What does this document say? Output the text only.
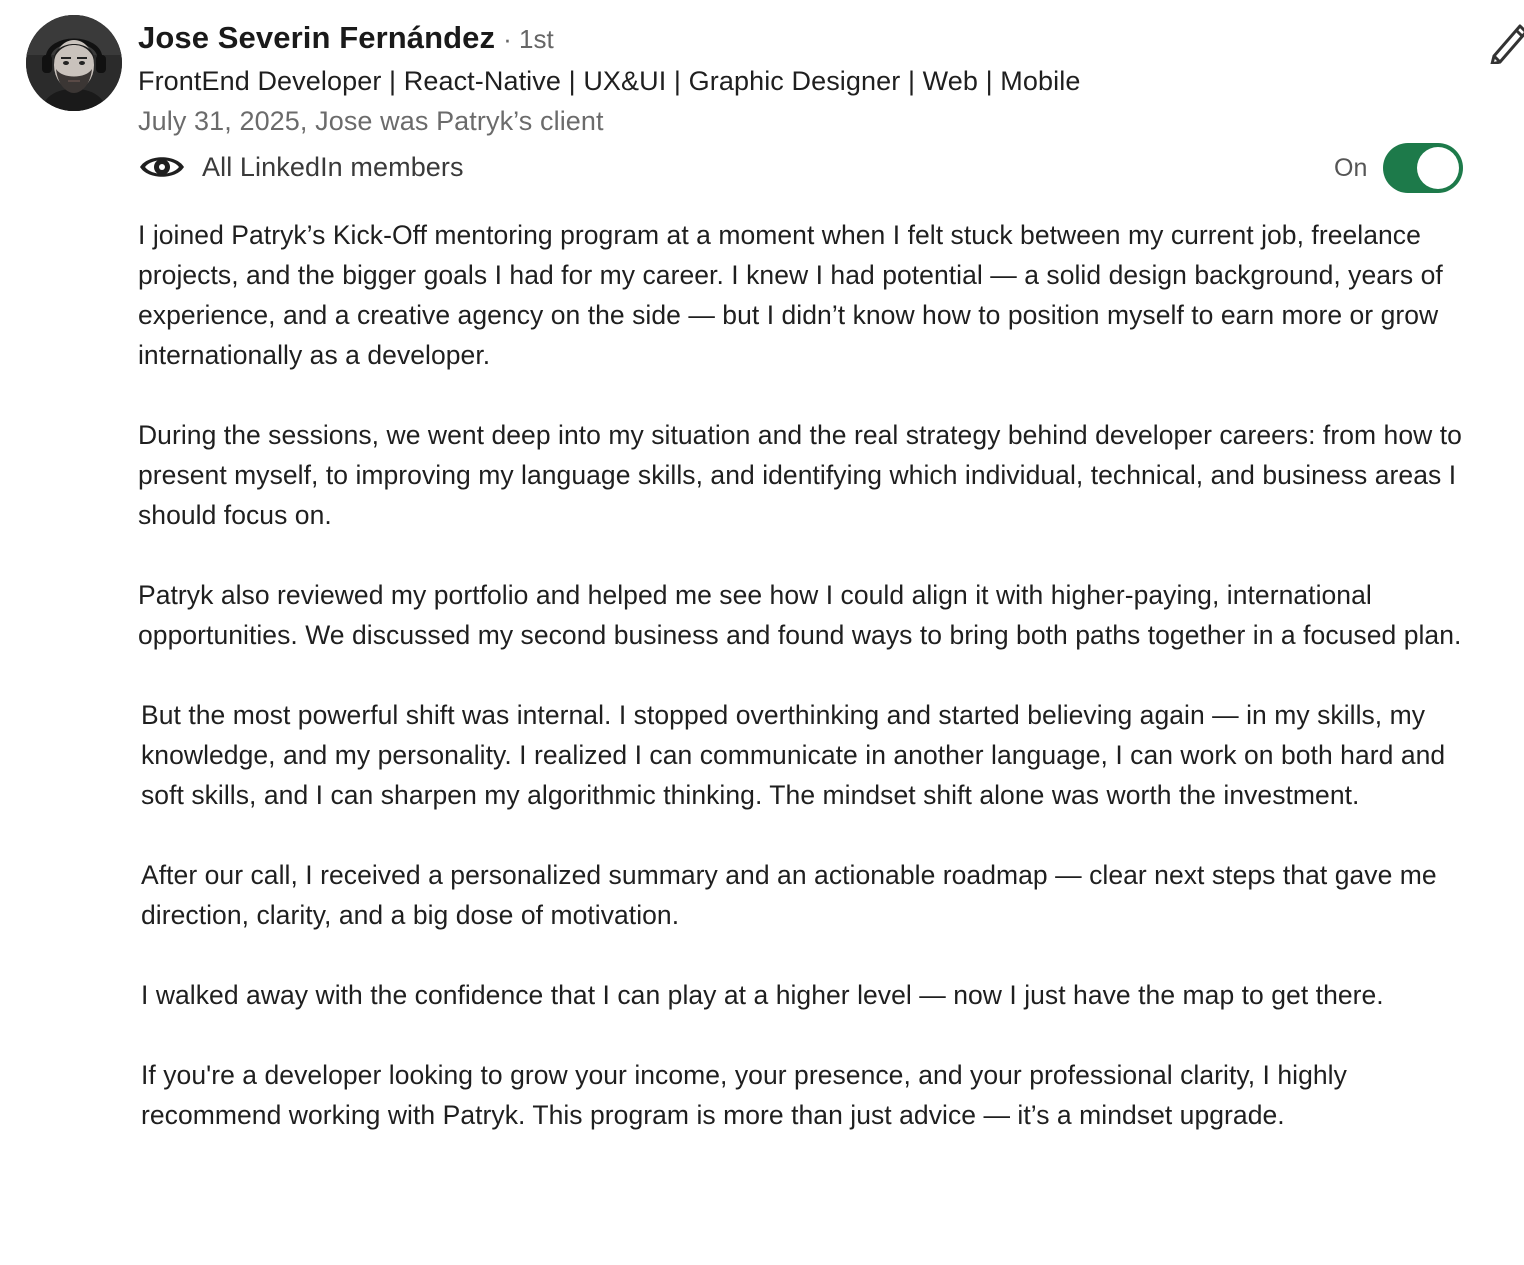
Jose Severin Fernández · 1st
FrontEnd Developer | React-Native | UX&UI | Graphic Designer | Web | Mobile
July 31, 2025, Jose was Patryk’s client
All LinkedIn members	On

I joined Patryk’s Kick-Off mentoring program at a moment when I felt stuck between my current job, freelance projects, and the bigger goals I had for my career. I knew I had potential — a solid design background, years of experience, and a creative agency on the side — but I didn’t know how to position myself to earn more or grow internationally as a developer.

During the sessions, we went deep into my situation and the real strategy behind developer careers: from how to present myself, to improving my language skills, and identifying which individual, technical, and business areas I should focus on.

Patryk also reviewed my portfolio and helped me see how I could align it with higher-paying, international opportunities. We discussed my second business and found ways to bring both paths together in a focused plan.

But the most powerful shift was internal. I stopped overthinking and started believing again — in my skills, my knowledge, and my personality. I realized I can communicate in another language, I can work on both hard and soft skills, and I can sharpen my algorithmic thinking. The mindset shift alone was worth the investment.

After our call, I received a personalized summary and an actionable roadmap — clear next steps that gave me direction, clarity, and a big dose of motivation.

I walked away with the confidence that I can play at a higher level — now I just have the map to get there.

If you're a developer looking to grow your income, your presence, and your professional clarity, I highly recommend working with Patryk. This program is more than just advice — it’s a mindset upgrade.
